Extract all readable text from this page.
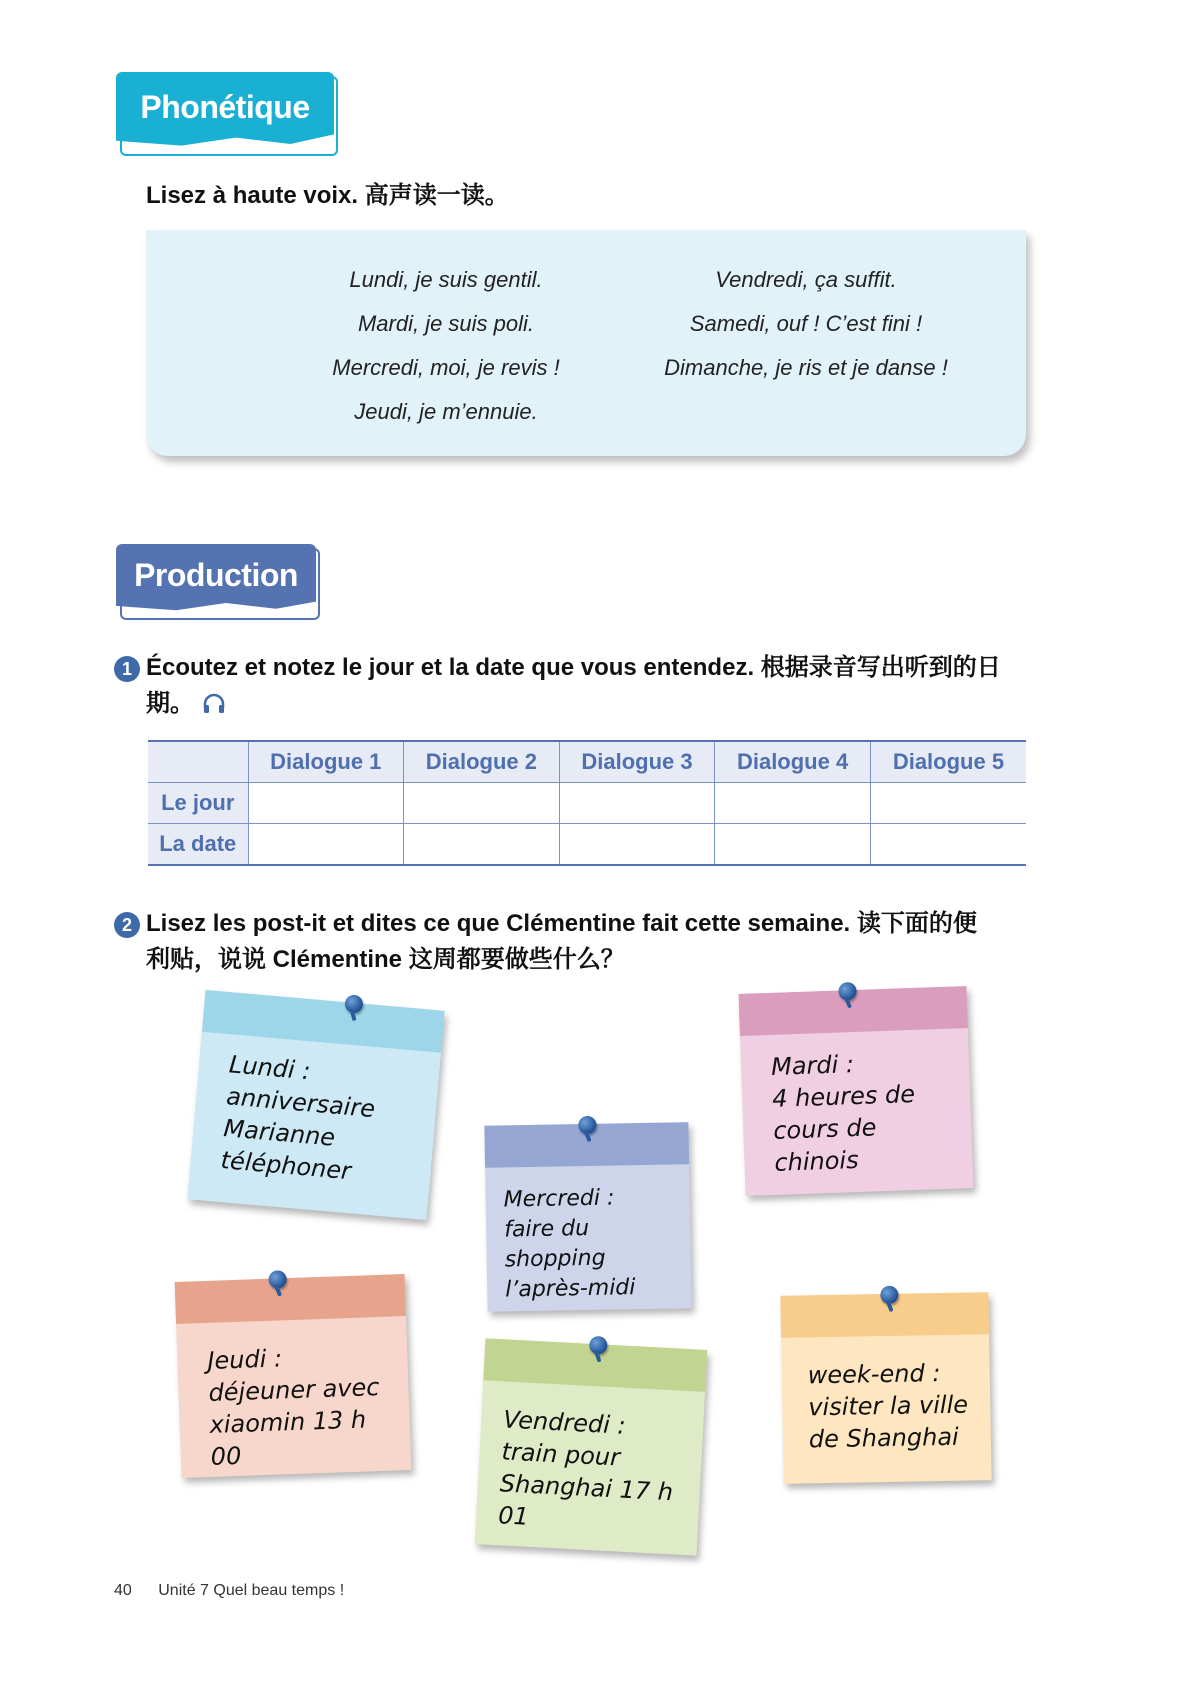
Phonétique
Lisez à haute voix. 高声读一读。
Lundi, je suis gentil.
Mardi, je suis poli.
Mercredi, moi, je revis !
Jeudi, je m’ennuie.
Vendredi, ça suffit.
Samedi, ouf ! C’est fini !
Dimanche, je ris et je danse !
Production
1 Écoutez et notez le jour et la date que vous entendez. 根据录音写出听到的日
期。
	Dialogue 1	Dialogue 2	Dialogue 3	Dialogue 4	Dialogue 5
Le jour					
La date					
2 Lisez les post-it et dites ce que Clémentine fait cette semaine. 读下面的便
利贴，说说 Clémentine 这周都要做些什么？
Lundi :
anniversaire
Marianne
téléphoner
Mardi :
4 heures de
cours de chinois
Mercredi :
faire du shopping
l’après-midi
Jeudi :
déjeuner avec
xiaomin 13 h 00
Vendredi :
train pour
Shanghai 17 h 01
week-end :
visiter la ville
de Shanghai
40 Unité 7 Quel beau temps !
